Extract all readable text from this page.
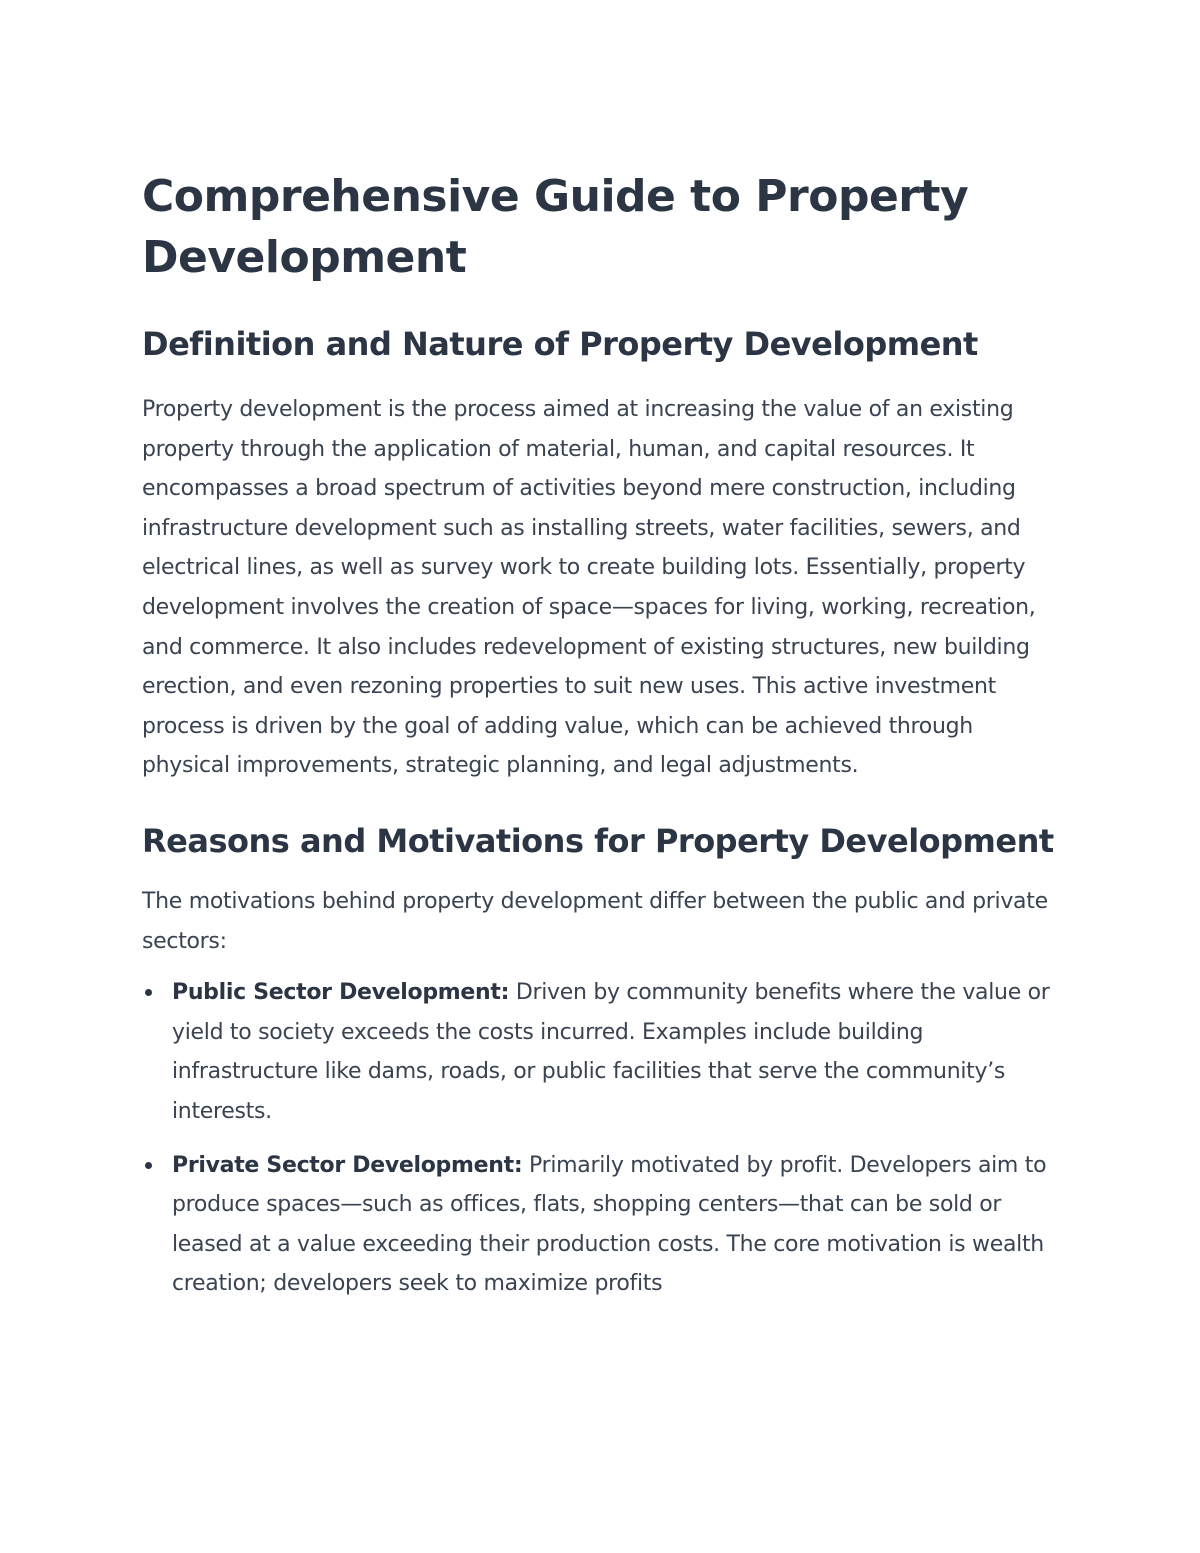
Comprehensive Guide to Property Development
Definition and Nature of Property Development

Property development is the process aimed at increasing the value of an existing property through the application of material, human, and capital resources. It encompasses a broad spectrum of activities beyond mere construction, including infrastructure development such as installing streets, water facilities, sewers, and electrical lines, as well as survey work to create building lots. Essentially, property development involves the creation of space—spaces for living, working, recreation, and commerce. It also includes redevelopment of existing structures, new building erection, and even rezoning properties to suit new uses. This active investment process is driven by the goal of adding value, which can be achieved through physical improvements, strategic planning, and legal adjustments.

Reasons and Motivations for Property Development

The motivations behind property development differ between the public and private sectors:

Public Sector Development: Driven by community benefits where the value or yield to society exceeds the costs incurred. Examples include building infrastructure like dams, roads, or public facilities that serve the community’s interests.
Private Sector Development: Primarily motivated by profit. Developers aim to produce spaces—such as offices, flats, shopping centers—that can be sold or leased at a value exceeding their production costs. The core motivation is wealth creation; developers seek to maximize profits
